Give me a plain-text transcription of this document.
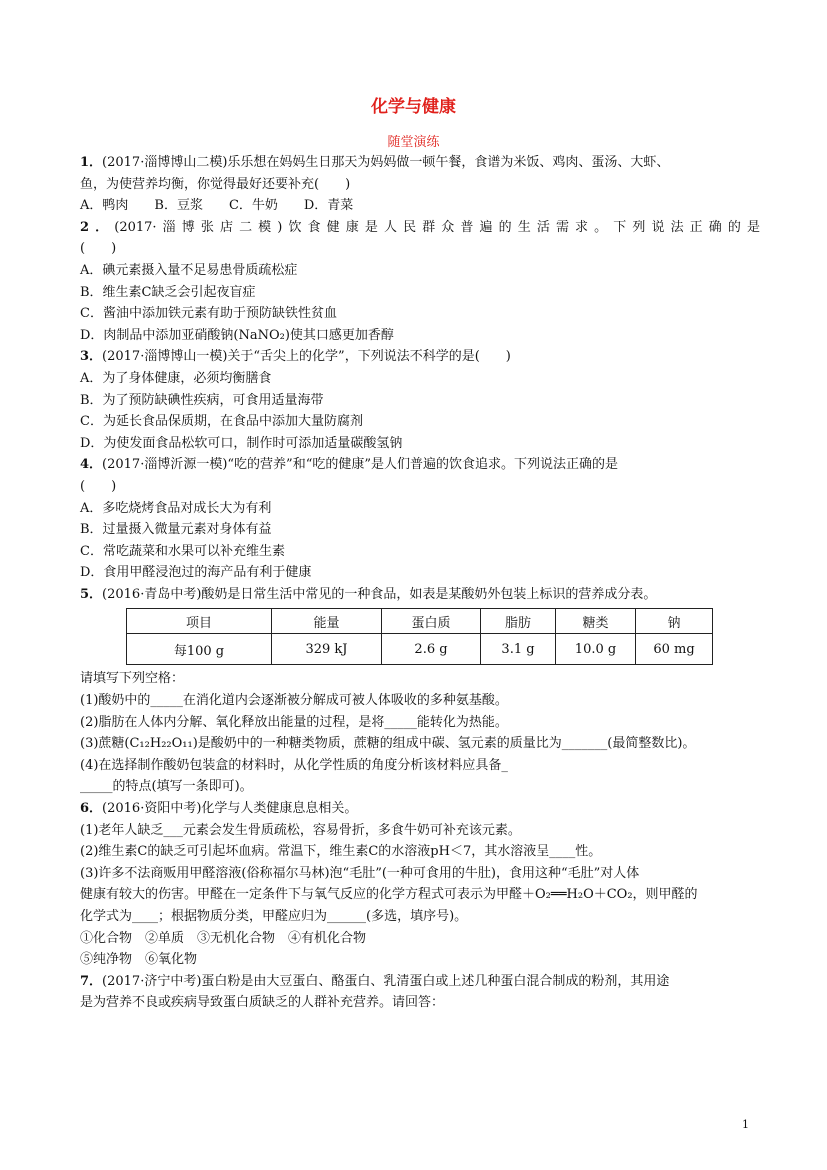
化学与健康
随堂演练
1．(2017·淄博博山二模)乐乐想在妈妈生日那天为妈妈做一顿午餐，食谱为米饭、鸡肉、蛋汤、大虾、
鱼，为使营养均衡，你觉得最好还要补充(　　)
A．鸭肉　　B．豆浆　　C．牛奶　　D．青菜
2．(2017·淄博张店二模)饮食健康是人民群众普遍的生活需求。下列说法正确的是
(　　)
A．碘元素摄入量不足易患骨质疏松症
B．维生素C缺乏会引起夜盲症
C．酱油中添加铁元素有助于预防缺铁性贫血
D．肉制品中添加亚硝酸钠(NaNO₂)使其口感更加香醇
3．(2017·淄博博山一模)关于“舌尖上的化学”，下列说法不科学的是(　　)
A．为了身体健康，必须均衡膳食
B．为了预防缺碘性疾病，可食用适量海带
C．为延长食品保质期，在食品中添加大量防腐剂
D．为使发面食品松软可口，制作时可添加适量碳酸氢钠
4．(2017·淄博沂源一模)“吃的营养”和“吃的健康”是人们普遍的饮食追求。下列说法正确的是
(　　)
A．多吃烧烤食品对成长大为有利
B．过量摄入微量元素对身体有益
C．常吃蔬菜和水果可以补充维生素
D．食用甲醛浸泡过的海产品有利于健康
5．(2016·青岛中考)酸奶是日常生活中常见的一种食品，如表是某酸奶外包装上标识的营养成分表。
项目	能量	蛋白质	脂肪	糖类	钠
每100 g	329 kJ	2.6 g	3.1 g	10.0 g	60 mg
请填写下列空格：
(1)酸奶中的_____在消化道内会逐渐被分解成可被人体吸收的多种氨基酸。
(2)脂肪在人体内分解、氧化释放出能量的过程，是将_____能转化为热能。
(3)蔗糖(C₁₂H₂₂O₁₁)是酸奶中的一种糖类物质，蔗糖的组成中碳、氢元素的质量比为_______(最简整数比)。
(4)在选择制作酸奶包装盒的材料时，从化学性质的角度分析该材料应具备_
_____的特点(填写一条即可)。
6．(2016·资阳中考)化学与人类健康息息相关。
(1)老年人缺乏___元素会发生骨质疏松，容易骨折，多食牛奶可补充该元素。
(2)维生素C的缺乏可引起坏血病。常温下，维生素C的水溶液pH＜7，其水溶液呈____性。
(3)许多不法商贩用甲醛溶液(俗称福尔马林)泡“毛肚”(一种可食用的牛肚)，食用这种“毛肚”对人体
健康有较大的伤害。甲醛在一定条件下与氧气反应的化学方程式可表示为甲醛＋O₂══H₂O＋CO₂，则甲醛的
化学式为____；根据物质分类，甲醛应归为______(多选，填序号)。
①化合物　②单质　③无机化合物　④有机化合物
⑤纯净物　⑥氧化物
7．(2017·济宁中考)蛋白粉是由大豆蛋白、酪蛋白、乳清蛋白或上述几种蛋白混合制成的粉剂，其用途
是为营养不良或疾病导致蛋白质缺乏的人群补充营养。请回答：
1
